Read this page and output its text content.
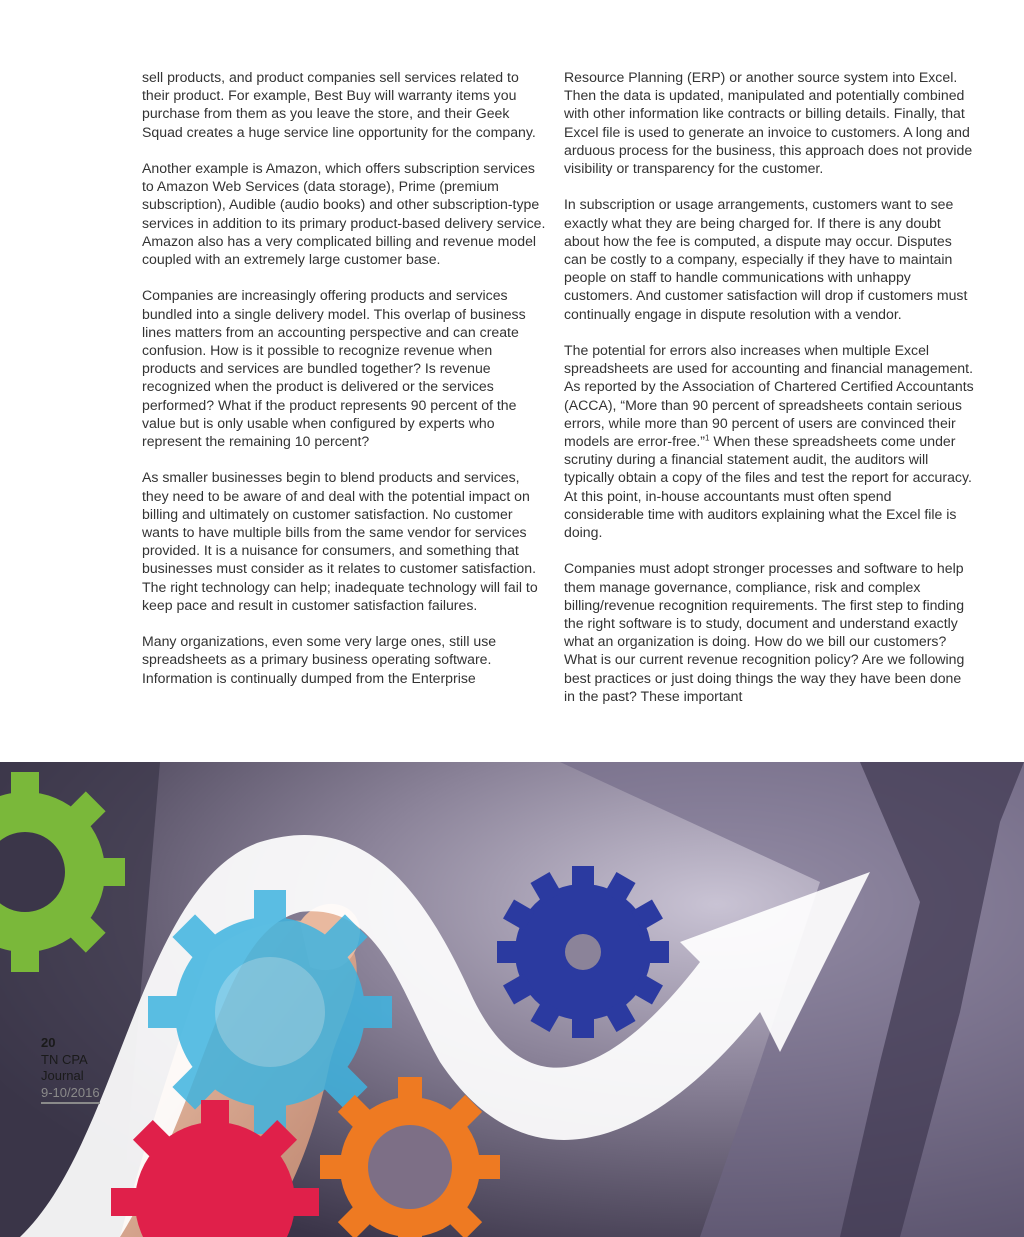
sell products, and product companies sell services related to their product. For example, Best Buy will warranty items you purchase from them as you leave the store, and their Geek Squad creates a huge service line opportunity for the company.

Another example is Amazon, which offers subscription services to Amazon Web Services (data storage), Prime (premium subscription), Audible (audio books) and other subscription-type services in addition to its primary product-based delivery service. Amazon also has a very complicated billing and revenue model coupled with an extremely large customer base.

Companies are increasingly offering products and services bundled into a single delivery model. This overlap of business lines matters from an accounting perspective and can create confusion. How is it possible to recognize revenue when products and services are bundled together? Is revenue recognized when the product is delivered or the services performed? What if the product represents 90 percent of the value but is only usable when configured by experts who represent the remaining 10 percent?

As smaller businesses begin to blend products and services, they need to be aware of and deal with the potential impact on billing and ultimately on customer satisfaction. No customer wants to have multiple bills from the same vendor for services provided. It is a nuisance for consumers, and something that businesses must consider as it relates to customer satisfaction. The right technology can help; inadequate technology will fail to keep pace and result in customer satisfaction failures.

Many organizations, even some very large ones, still use spreadsheets as a primary business operating software. Information is continually dumped from the Enterprise

Resource Planning (ERP) or another source system into Excel. Then the data is updated, manipulated and potentially combined with other information like contracts or billing details. Finally, that Excel file is used to generate an invoice to customers. A long and arduous process for the business, this approach does not provide visibility or transparency for the customer.

In subscription or usage arrangements, customers want to see exactly what they are being charged for. If there is any doubt about how the fee is computed, a dispute may occur. Disputes can be costly to a company, especially if they have to maintain people on staff to handle communications with unhappy customers. And customer satisfaction will drop if customers must continually engage in dispute resolution with a vendor.

The potential for errors also increases when multiple Excel spreadsheets are used for accounting and financial management. As reported by the Association of Chartered Certified Accountants (ACCA), “More than 90 percent of spreadsheets contain serious errors, while more than 90 percent of users are convinced their models are error-free.”$^1$ When these spreadsheets come under scrutiny during a financial statement audit, the auditors will typically obtain a copy of the files and test the report for accuracy. At this point, in-house accountants must often spend considerable time with auditors explaining what the Excel file is doing.

Companies must adopt stronger processes and software to help them manage governance, compliance, risk and complex billing/revenue recognition requirements. The first step to finding the right software is to study, document and understand exactly what an organization is doing. How do we bill our customers? What is our current revenue recognition policy? Are we following best practices or just doing things the way they have been done in the past? These important

20
TN CPA
Journal
9-10/2016
